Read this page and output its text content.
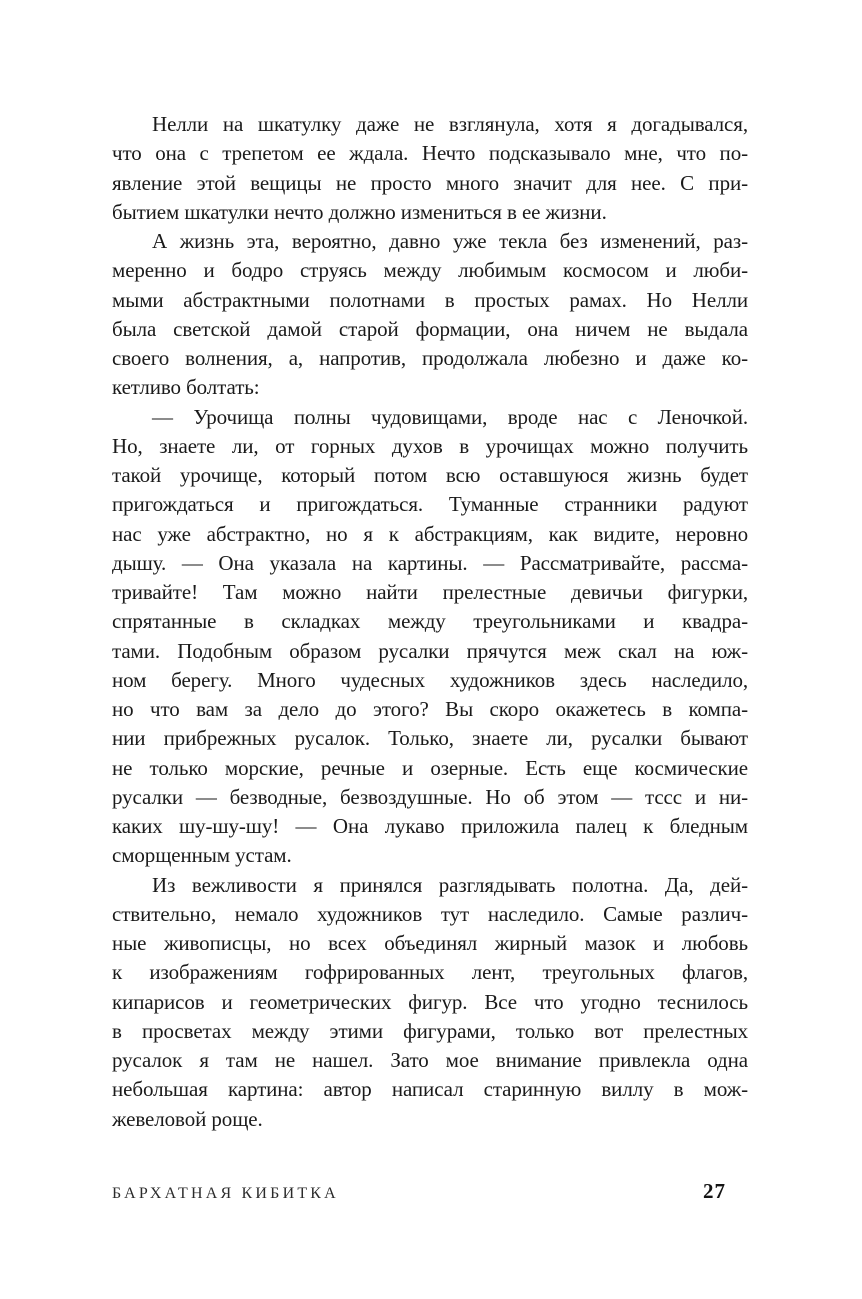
Нелли на шкатулку даже не взглянула, хотя я догадывался,
что она с трепетом ее ждала. Нечто подсказывало мне, что по-
явление этой вещицы не просто много значит для нее. С при-
бытием шкатулки нечто должно измениться в ее жизни.
А жизнь эта, вероятно, давно уже текла без изменений, раз-
меренно и бодро струясь между любимым космосом и люби-
мыми абстрактными полотнами в простых рамах. Но Нелли
была светской дамой старой формации, она ничем не выдала
своего волнения, а, напротив, продолжала любезно и даже ко-
кетливо болтать:
— Урочища полны чудовищами, вроде нас с Леночкой.
Но, знаете ли, от горных духов в урочищах можно получить
такой урочище, который потом всю оставшуюся жизнь будет
пригождаться и пригождаться. Туманные странники радуют
нас уже абстрактно, но я к абстракциям, как видите, неровно
дышу. — Она указала на картины. — Рассматривайте, рассма-
тривайте! Там можно найти прелестные девичьи фигурки,
спрятанные в складках между треугольниками и квадра-
тами. Подобным образом русалки прячутся меж скал на юж-
ном берегу. Много чудесных художников здесь наследило,
но что вам за дело до этого? Вы скоро окажетесь в компа-
нии прибрежных русалок. Только, знаете ли, русалки бывают
не только морские, речные и озерные. Есть еще космические
русалки — безводные, безвоздушные. Но об этом — тссс и ни-
каких шу-шу-шу! — Она лукаво приложила палец к бледным
сморщенным устам.
Из вежливости я принялся разглядывать полотна. Да, дей-
ствительно, немало художников тут наследило. Самые различ-
ные живописцы, но всех объединял жирный мазок и любовь
к изображениям гофрированных лент, треугольных флагов,
кипарисов и геометрических фигур. Все что угодно теснилось
в просветах между этими фигурами, только вот прелестных
русалок я там не нашел. Зато мое внимание привлекла одна
небольшая картина: автор написал старинную виллу в мож-
жевеловой роще.
БАРХАТНАЯ КИБИТКА	27
